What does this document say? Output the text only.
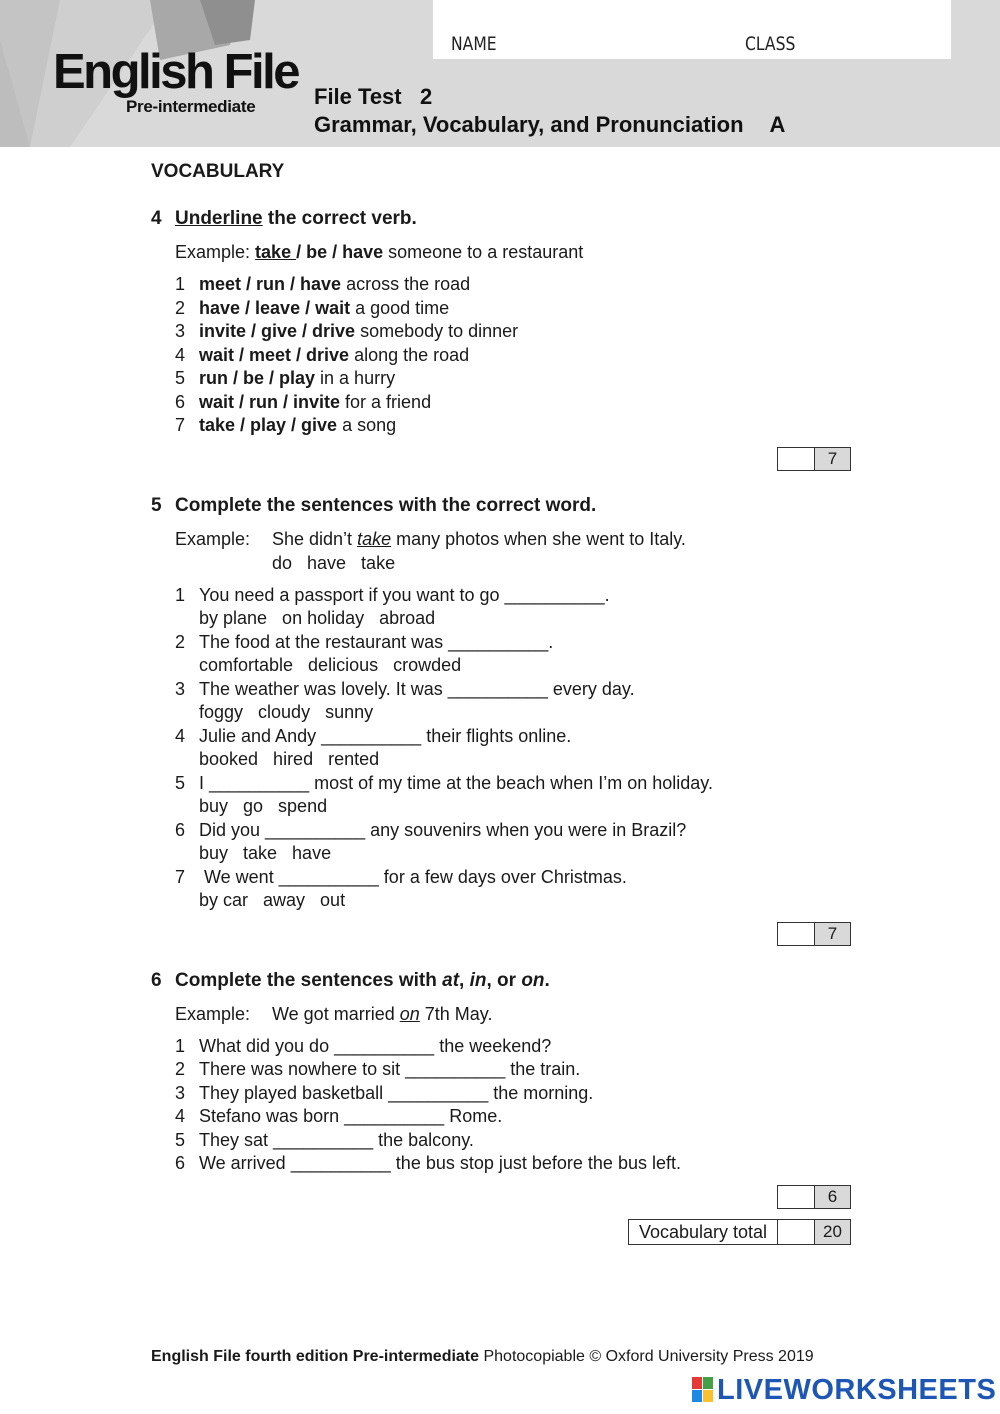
English File
Pre-intermediate
NAME	CLASS
File Test   2
Grammar, Vocabulary, and Pronunciation A
VOCABULARY
4 Underline the correct verb.
Example: take / be / have someone to a restaurant
1 meet / run / have across the road
2 have / leave / wait a good time
3 invite / give / drive somebody to dinner
4 wait / meet / drive along the road
5 run / be / play in a hurry
6 wait / run / invite for a friend
7 take / play / give a song
7
5 Complete the sentences with the correct word.
Example: She didn’t take many photos when she went to Italy.
do   have   take
1 You need a passport if you want to go __________.
by plane   on holiday   abroad
2 The food at the restaurant was __________.
comfortable   delicious   crowded
3 The weather was lovely. It was __________ every day.
foggy   cloudy   sunny
4 Julie and Andy __________ their flights online.
booked   hired   rented
5 I __________ most of my time at the beach when I’m on holiday.
buy   go   spend
6 Did you __________ any souvenirs when you were in Brazil?
buy   take   have
7 We went __________ for a few days over Christmas.
by car   away   out
7
6 Complete the sentences with at, in, or on.
Example: We got married on 7th May.
1 What did you do __________ the weekend?
2 There was nowhere to sit __________ the train.
3 They played basketball __________ the morning.
4 Stefano was born __________ Rome.
5 They sat __________ the balcony.
6 We arrived __________ the bus stop just before the bus left.
6
Vocabulary total	20
English File fourth edition Pre-intermediate Photocopiable © Oxford University Press 2019
LIVEWORKSHEETS
